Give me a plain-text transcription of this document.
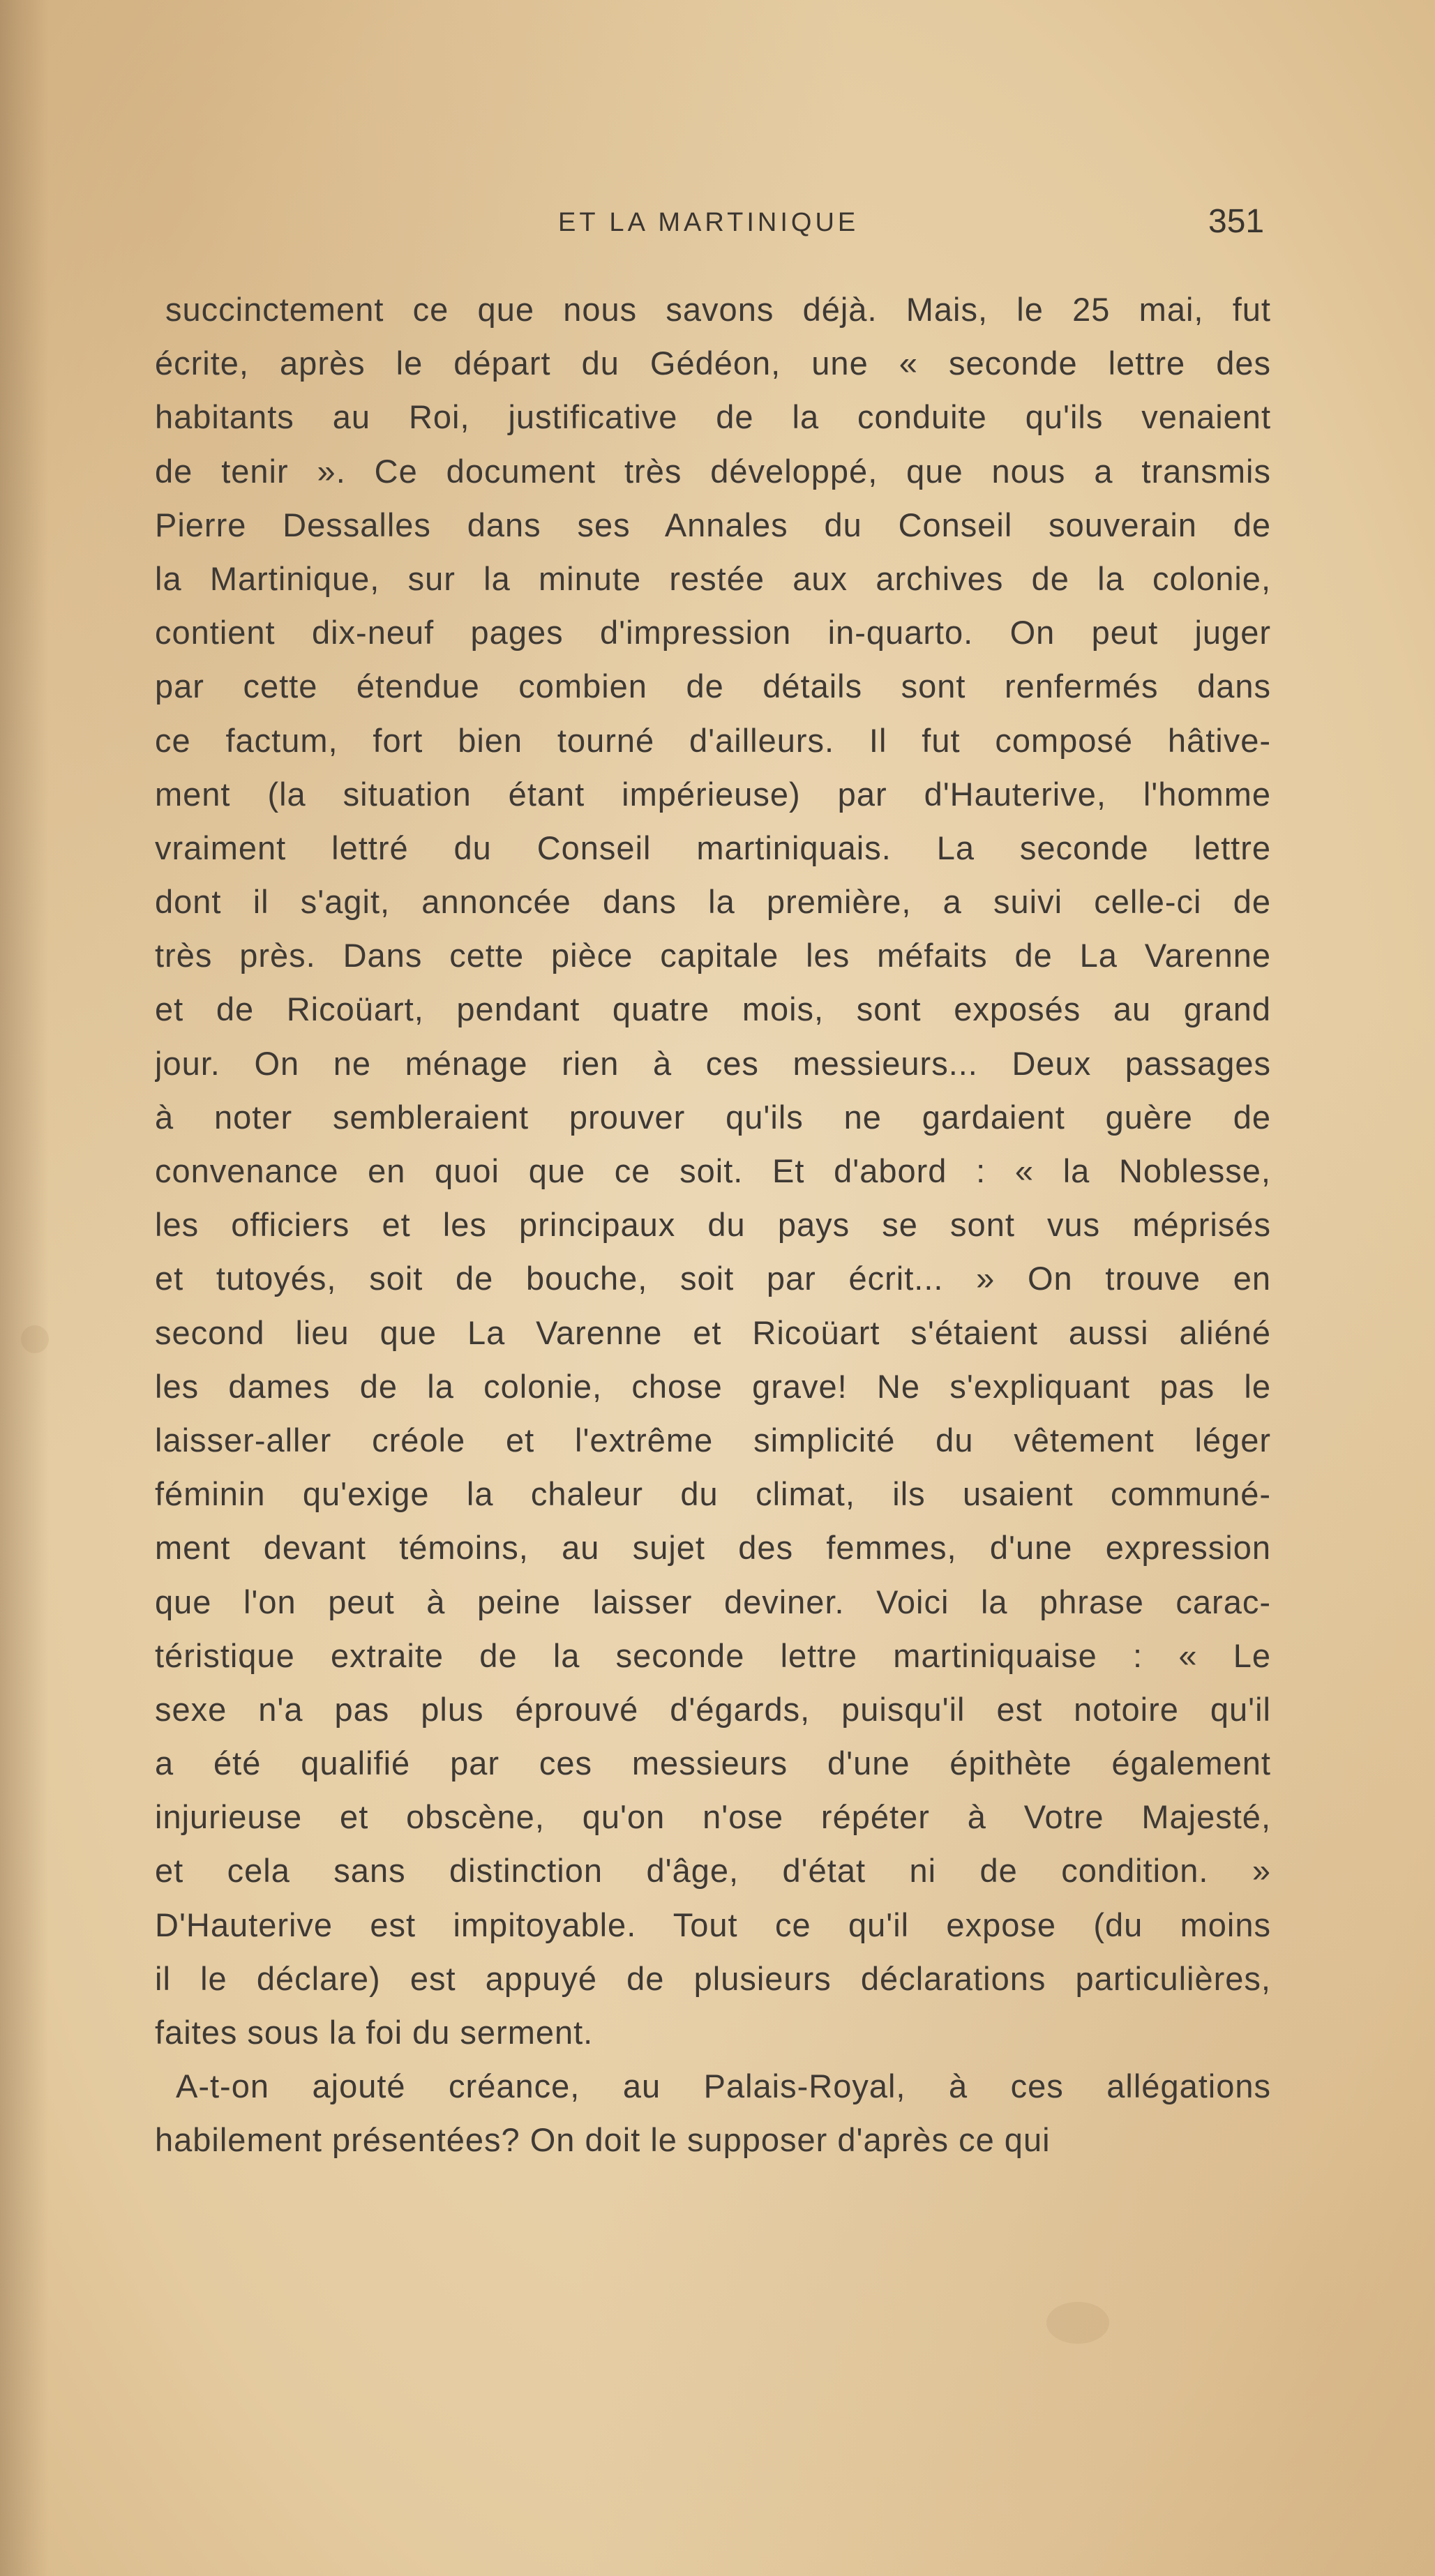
ET LA MARTINIQUE	351
succinctement ce que nous savons déjà. Mais, le 25 mai, fut
écrite, après le départ du Gédéon, une « seconde lettre des
habitants au Roi, justificative de la conduite qu'ils venaient
de tenir ». Ce document très développé, que nous a transmis
Pierre Dessalles dans ses Annales du Conseil souverain de
la Martinique, sur la minute restée aux archives de la colonie,
contient dix-neuf pages d'impression in-quarto. On peut juger
par cette étendue combien de détails sont renfermés dans
ce factum, fort bien tourné d'ailleurs. Il fut composé hâtive-
ment (la situation étant impérieuse) par d'Hauterive, l'homme
vraiment lettré du Conseil martiniquais. La seconde lettre
dont il s'agit, annoncée dans la première, a suivi celle-ci de
très près. Dans cette pièce capitale les méfaits de La Varenne
et de Ricoüart, pendant quatre mois, sont exposés au grand
jour. On ne ménage rien à ces messieurs... Deux passages
à noter sembleraient prouver qu'ils ne gardaient guère de
convenance en quoi que ce soit. Et d'abord : « la Noblesse,
les officiers et les principaux du pays se sont vus méprisés
et tutoyés, soit de bouche, soit par écrit... » On trouve en
second lieu que La Varenne et Ricoüart s'étaient aussi aliéné
les dames de la colonie, chose grave! Ne s'expliquant pas le
laisser-aller créole et l'extrême simplicité du vêtement léger
féminin qu'exige la chaleur du climat, ils usaient communé-
ment devant témoins, au sujet des femmes, d'une expression
que l'on peut à peine laisser deviner. Voici la phrase carac-
téristique extraite de la seconde lettre martiniquaise : « Le
sexe n'a pas plus éprouvé d'égards, puisqu'il est notoire qu'il
a été qualifié par ces messieurs d'une épithète également
injurieuse et obscène, qu'on n'ose répéter à Votre Majesté,
et cela sans distinction d'âge, d'état ni de condition. »
D'Hauterive est impitoyable. Tout ce qu'il expose (du moins
il le déclare) est appuyé de plusieurs déclarations particulières,
faites sous la foi du serment.
A-t-on ajouté créance, au Palais-Royal, à ces allégations
habilement présentées? On doit le supposer d'après ce qui
